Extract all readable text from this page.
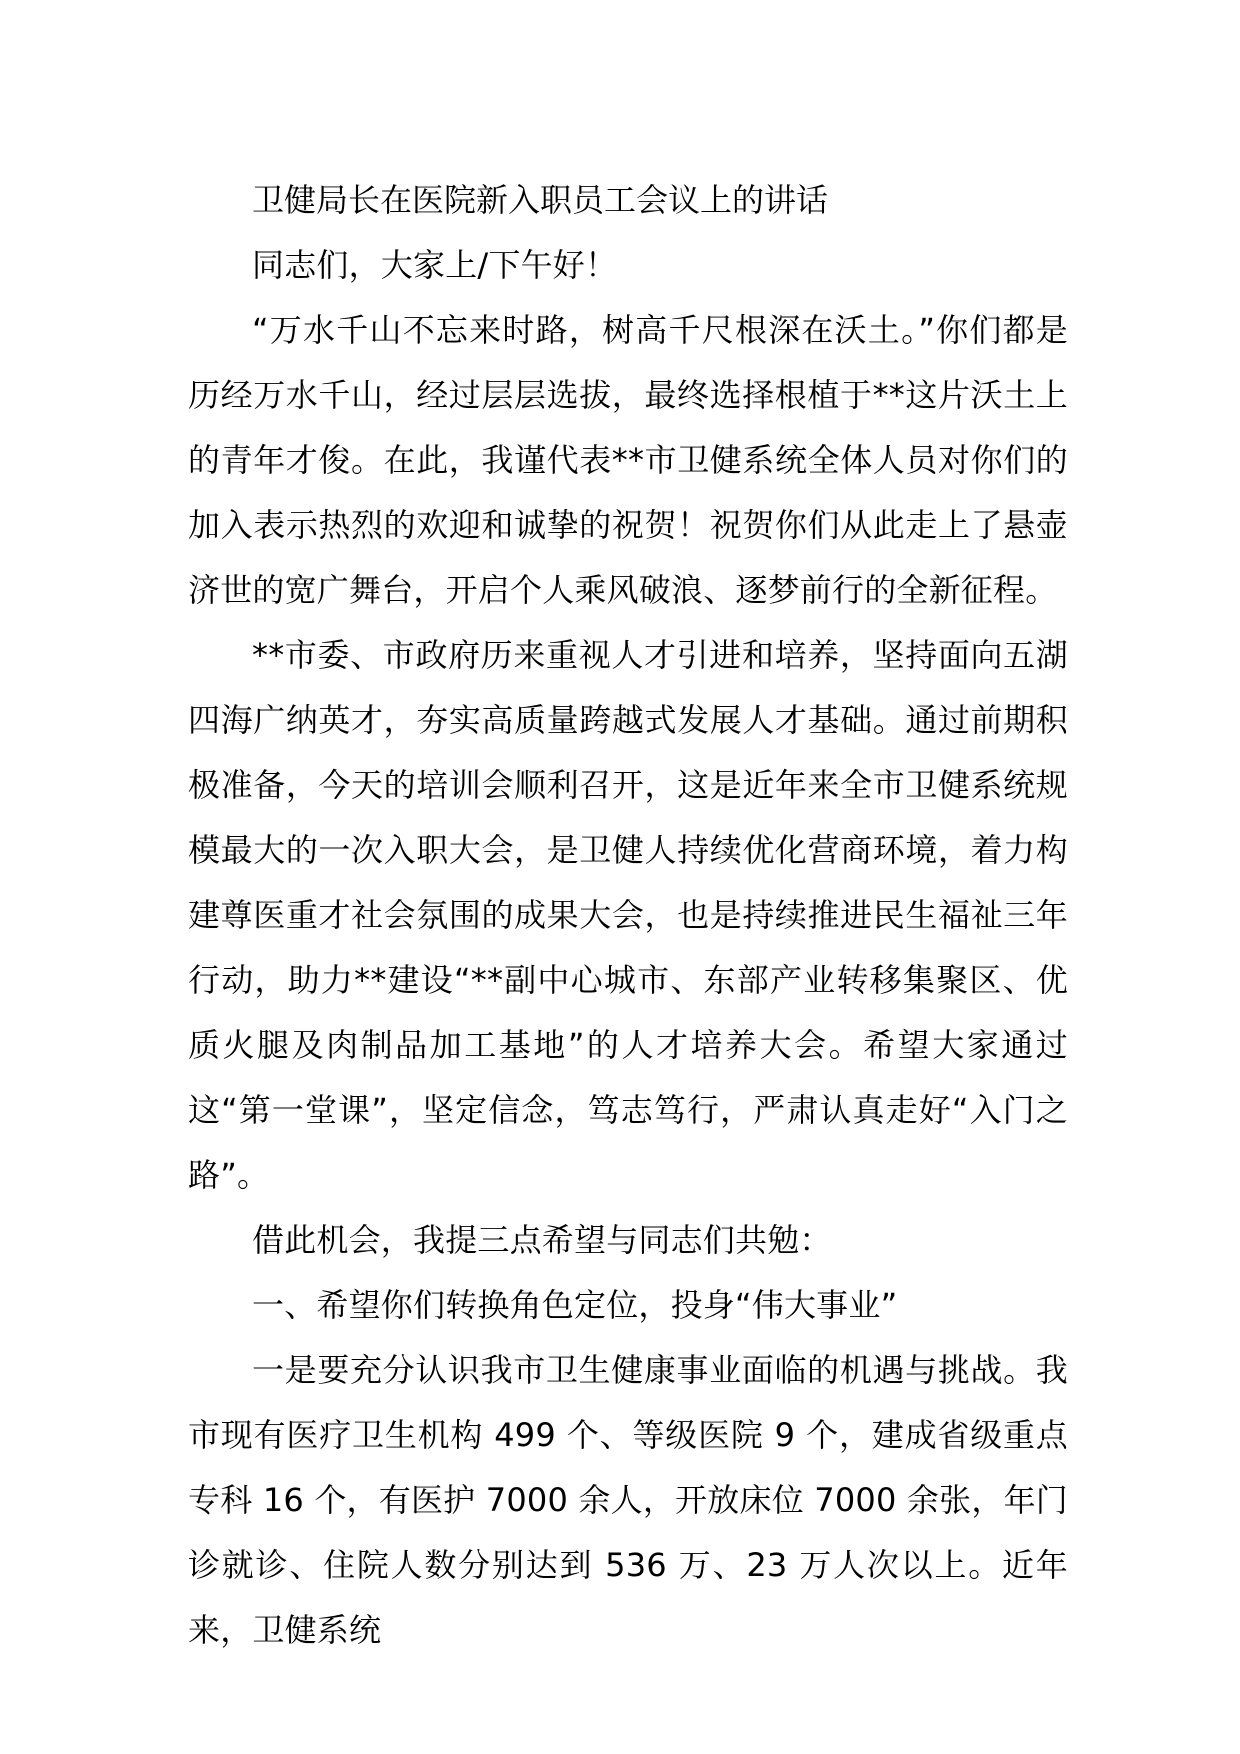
卫健局长在医院新入职员工会议上的讲话

同志们，大家上/下午好！

“万水千山不忘来时路，树高千尺根深在沃土。”你们都是历经万水千山，经过层层选拔，最终选择根植于**这片沃土上的青年才俊。在此，我谨代表**市卫健系统全体人员对你们的加入表示热烈的欢迎和诚挚的祝贺！祝贺你们从此走上了悬壶济世的宽广舞台，开启个人乘风破浪、逐梦前行的全新征程。

**市委、市政府历来重视人才引进和培养，坚持面向五湖四海广纳英才，夯实高质量跨越式发展人才基础。通过前期积极准备，今天的培训会顺利召开，这是近年来全市卫健系统规模最大的一次入职大会，是卫健人持续优化营商环境，着力构建尊医重才社会氛围的成果大会，也是持续推进民生福祉三年行动，助力**建设“**副中心城市、东部产业转移集聚区、优质火腿及肉制品加工基地”的人才培养大会。希望大家通过这“第一堂课”，坚定信念，笃志笃行，严肃认真走好“入门之路”。

借此机会，我提三点希望与同志们共勉：

一、希望你们转换角色定位，投身“伟大事业”

一是要充分认识我市卫生健康事业面临的机遇与挑战。我市现有医疗卫生机构 499 个、等级医院 9 个，建成省级重点专科 16 个，有医护 7000 余人，开放床位 7000 余张，年门诊就诊、住院人数分别达到 536 万、23 万人次以上。近年来，卫健系统
